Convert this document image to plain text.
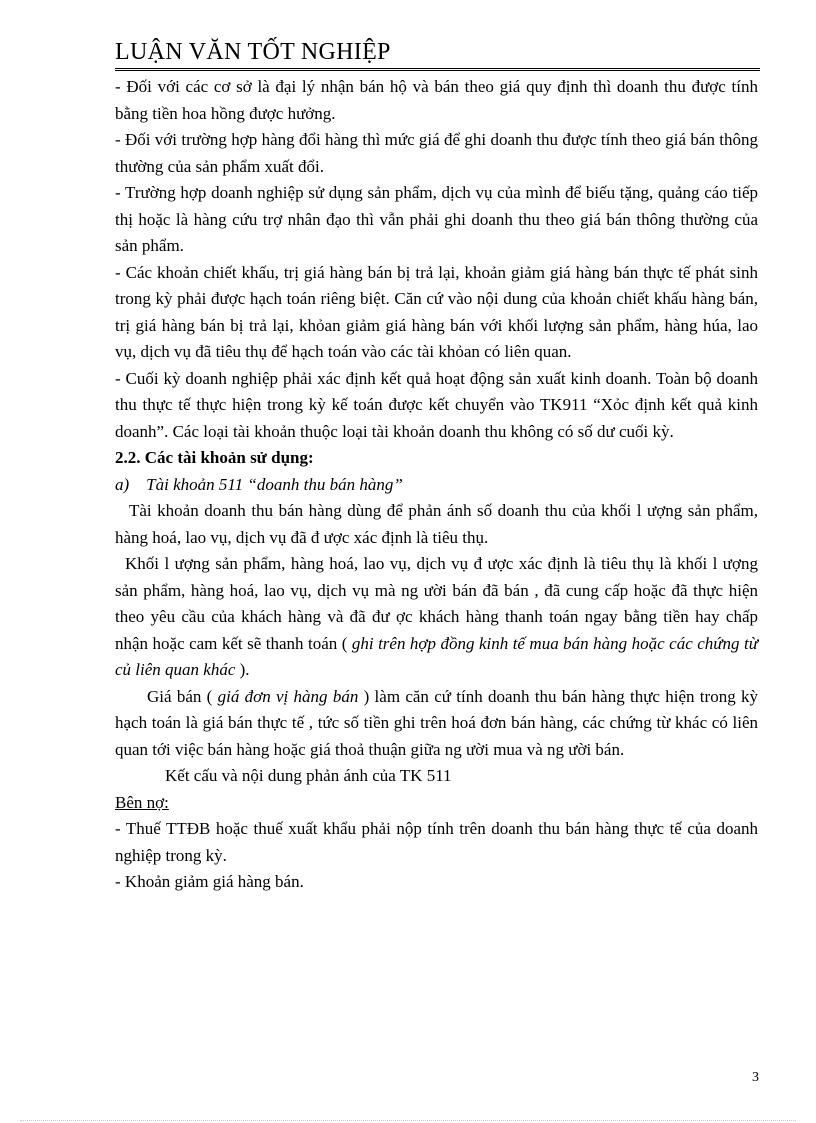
LUẬN VĂN TỐT NGHIỆP

- Đối với các cơ sở là đại lý nhận bán hộ và bán theo giá quy định thì doanh thu được tính bằng tiền hoa hồng được hưởng.

- Đối với trường hợp hàng đổi hàng thì mức giá để ghi doanh thu được tính theo giá bán thông thường của sản phẩm xuất đổi.

- Trường hợp doanh nghiệp sử dụng sản phẩm, dịch vụ của mình để biếu tặng, quảng cáo tiếp thị hoặc là hàng cứu trợ nhân đạo thì vẫn phải ghi doanh thu theo giá bán thông thường của sản phẩm.

- Các khoản chiết khấu, trị giá hàng bán bị trả lại, khoản giảm giá hàng bán thực tế phát sinh trong kỳ phải được hạch toán riêng biệt. Căn cứ vào nội dung của khoản chiết khấu hàng bán, trị giá hàng bán bị trả lại, khỏan giảm giá hàng bán với khối lượng sản phẩm, hàng húa, lao vụ, dịch vụ đã tiêu thụ để hạch toán vào các tài khỏan có liên quan.

- Cuối kỳ doanh nghiệp phải xác định kết quả hoạt động sản xuất kinh doanh. Toàn bộ doanh thu thực tế thực hiện trong kỳ kế toán được kết chuyển vào TK911 “Xỏc định kết quả kinh doanh”. Các loại tài khoản thuộc loại tài khoản doanh thu không có số dư cuối kỳ.

2.2. Các tài khoản sử dụng:

a) Tài khoản 511 “doanh thu bán hàng”

Tài khoản doanh thu bán hàng dùng để phản ánh số doanh thu của khối l ượng sản phẩm, hàng hoá, lao vụ, dịch vụ đã đ ược xác định là tiêu thụ.

Khối l ượng sản phẩm, hàng hoá, lao vụ, dịch vụ đ ược xác định là tiêu thụ là khối l ượng sản phẩm, hàng hoá, lao vụ, dịch vụ mà ng ười bán đã bán , đã cung cấp hoặc đã thực hiện theo yêu cầu của khách hàng và đã đư ợc khách hàng thanh toán ngay bằng tiền hay chấp nhận hoặc cam kết sẽ thanh toán ( ghi trên hợp đồng kinh tế mua bán hàng hoặc các chứng từ củ liên quan khác ).

Giá bán ( giá đơn vị hàng bán ) làm căn cứ tính doanh thu bán hàng thực hiện trong kỳ hạch toán là giá bán thực tế , tức số tiền ghi trên hoá đơn bán hàng, các chứng từ khác có liên quan tới việc bán hàng hoặc giá thoả thuận giữa ng ười mua và ng ười bán.

Kết cấu và nội dung phản ánh của TK 511

Bên nợ:

- Thuế TTĐB hoặc thuế xuất khẩu phải nộp tính trên doanh thu bán hàng thực tế của doanh nghiệp trong kỳ.

- Khoản giảm giá hàng bán.

3
